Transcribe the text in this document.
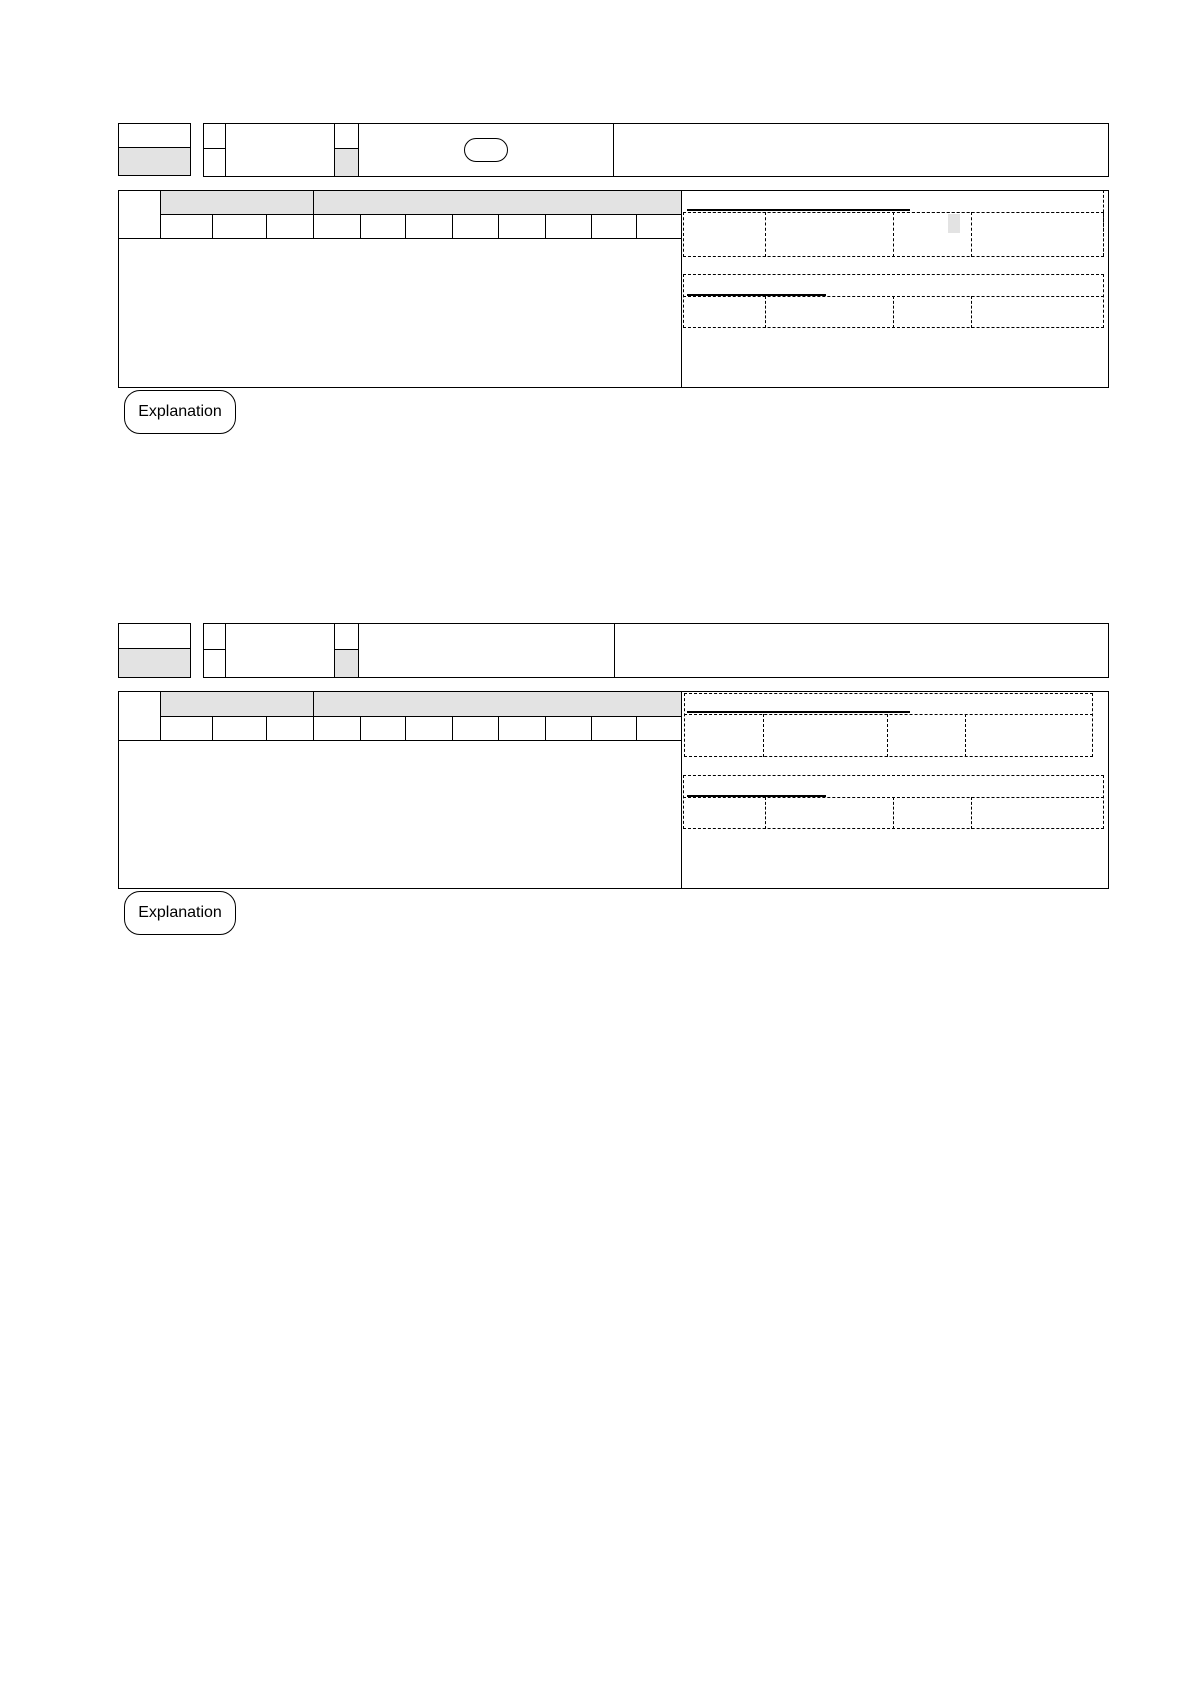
Explanation
Explanation
